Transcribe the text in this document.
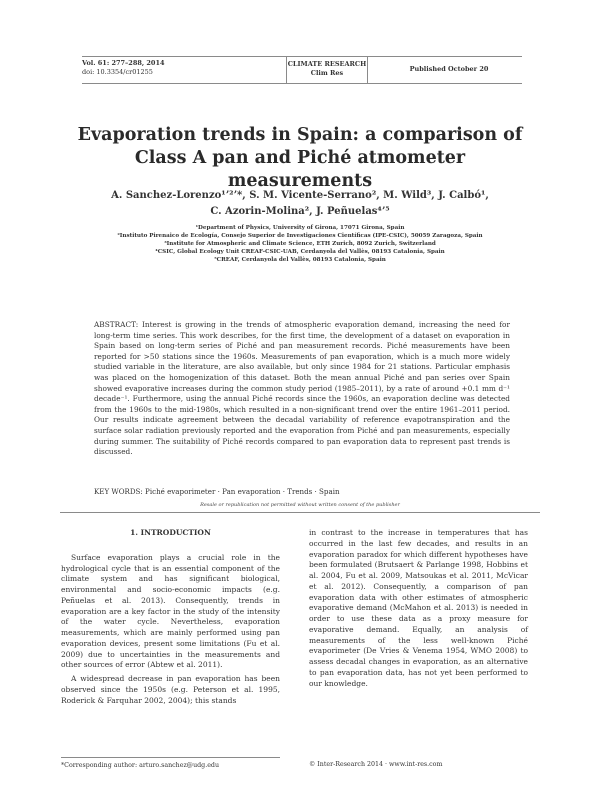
Vol. 61: 277–288, 2014
doi: 10.3354/cr01255
CLIMATE RESEARCH
Clim Res	Published October 20
Evaporation trends in Spain: a comparison of
Class A pan and Piché atmometer measurements
A. Sanchez-Lorenzo¹ʼ²ʼ*, S. M. Vicente-Serrano², M. Wild³, J. Calbó¹,
C. Azorin-Molina², J. Peñuelas⁴ʼ⁵
¹Department of Physics, University of Girona, 17071 Girona, Spain
²Instituto Pirenaico de Ecología, Consejo Superior de Investigaciones Científicas (IPE-CSIC), 50059 Zaragoza, Spain
³Institute for Atmospheric and Climate Science, ETH Zurich, 8092 Zurich, Switzerland
⁴CSIC, Global Ecology Unit CREAF-CSIC-UAB, Cerdanyola del Vallès, 08193 Catalonia, Spain
⁵CREAF, Cerdanyola del Vallès, 08193 Catalonia, Spain

ABSTRACT: Interest is growing in the trends of atmospheric evaporation demand, increasing the need for long-term time series. This work describes, for the first time, the development of a dataset on evaporation in Spain based on long-term series of Piché and pan measurement records. Piché measurements have been reported for >50 stations since the 1960s. Measurements of pan evaporation, which is a much more widely studied variable in the literature, are also available, but only since 1984 for 21 stations. Particular emphasis was placed on the homogenization of this dataset. Both the mean annual Piché and pan series over Spain showed evaporative increases during the common study period (1985–2011), by a rate of around +0.1 mm d⁻¹ decade⁻¹. Furthermore, using the annual Piché records since the 1960s, an evaporation decline was detected from the 1960s to the mid-1980s, which resulted in a non-significant trend over the entire 1961–2011 period. Our results indicate agreement between the decadal variability of reference evapotranspiration and the surface solar radiation previously reported and the evaporation from Piché and pan measurements, especially during summer. The suitability of Piché records compared to pan evaporation data to represent past trends is discussed.

KEY WORDS: Piché evaporimeter · Pan evaporation · Trends · Spain
Resale or republication not permitted without written consent of the publisher

1. INTRODUCTION

Surface evaporation plays a crucial role in the hydrological cycle that is an essential component of the climate system and has significant biological, environmental and socio-economic impacts (e.g. Peñuelas et al. 2013). Consequently, trends in evaporation are a key factor in the study of the intensity of the water cycle. Nevertheless, evaporation measurements, which are mainly performed using pan evaporation devices, present some limitations (Fu et al. 2009) due to uncertainties in the measurements and other sources of error (Abtew et al. 2011).

A widespread decrease in pan evaporation has been observed since the 1950s (e.g. Peterson et al. 1995, Roderick & Farquhar 2002, 2004); this stands

in contrast to the increase in temperatures that has occurred in the last few decades, and results in an evaporation paradox for which different hypotheses have been formulated (Brutsaert & Parlange 1998, Hobbins et al. 2004, Fu et al. 2009, Matsoukas et al. 2011, McVicar et al. 2012). Consequently, a comparison of pan evaporation data with other estimates of atmospheric evaporative demand (McMahon et al. 2013) is needed in order to use these data as a proxy measure for evaporative demand. Equally, an analysis of measurements of the less well-known Piché evaporimeter (De Vries & Venema 1954, WMO 2008) to assess decadal changes in evaporation, as an alternative to pan evaporation data, has not yet been performed to our knowledge.

*Corresponding author: arturo.sanchez@udg.edu	© Inter-Research 2014 · www.int-res.com
